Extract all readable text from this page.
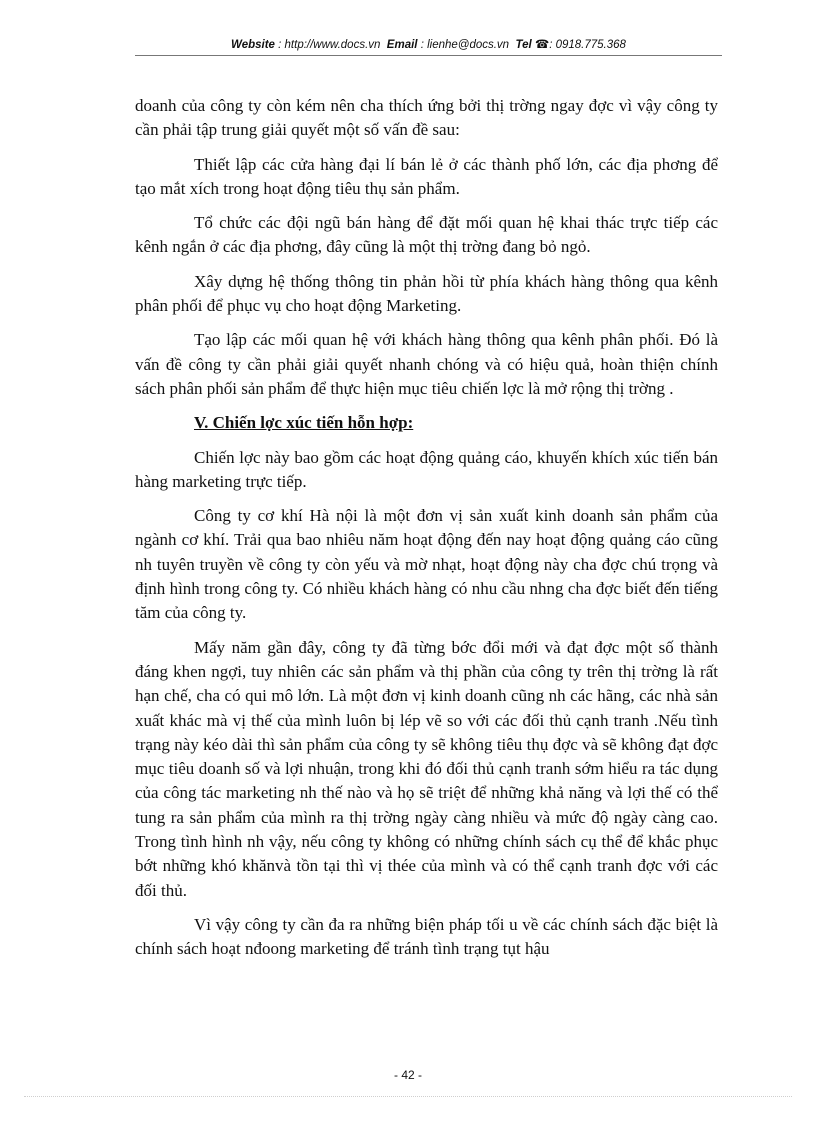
Website : http://www.docs.vn Email : lienhe@docs.vn Tel ☎: 0918.775.368

doanh của công ty còn kém nên cha thích ứng bởi thị trờng ngay đợc vì vậy công ty cần phải tập trung giải quyết một số vấn đề sau:

Thiết lập các cửa hàng đại lí bán lẻ ở các thành phố lớn, các địa phơng để tạo mắt xích trong hoạt động tiêu thụ sản phẩm.

Tổ chức các đội ngũ bán hàng để đặt mối quan hệ khai thác trực tiếp các kênh ngắn ở các địa phơng, đây cũng là một thị trờng đang bỏ ngỏ.

Xây dựng hệ thống thông tin phản hồi từ phía khách hàng thông qua kênh phân phối để phục vụ cho hoạt động Marketing.

Tạo lập các mối quan hệ với khách hàng thông qua kênh phân phối. Đó là vấn đề công ty cần phải giải quyết nhanh chóng và có hiệu quả, hoàn thiện chính sách phân phối sản phẩm để thực hiện mục tiêu chiến lợc là mở rộng thị trờng .

V. Chiến lợc xúc tiến hỗn hợp:

Chiến lợc này bao gồm các hoạt động quảng cáo, khuyến khích xúc tiến bán hàng marketing trực tiếp.

Công ty cơ khí Hà nội là một đơn vị sản xuất kinh doanh sản phẩm của ngành cơ khí. Trải qua bao nhiêu năm hoạt động đến nay hoạt động quảng cáo cũng nh tuyên truyền về công ty còn yếu và mờ nhạt, hoạt động này cha đợc chú trọng và định hình trong công ty. Có nhiều khách hàng có nhu cầu nhng cha đợc biết đến tiếng tăm của công ty.

Mấy năm gần đây, công ty đã từng bớc đổi mới và đạt đợc một số thành đáng khen ngợi, tuy nhiên các sản phẩm và thị phần của công ty trên thị trờng là rất hạn chế, cha có qui mô lớn. Là một đơn vị kinh doanh cũng nh các hãng, các nhà sản xuất khác mà vị thế của mình luôn bị lép vẽ so với các đối thủ cạnh tranh .Nếu tình trạng này kéo dài thì sản phẩm của công ty sẽ không tiêu thụ đợc và sẽ không đạt đợc mục tiêu doanh số và lợi nhuận, trong khi đó đối thủ cạnh tranh sớm hiểu ra tác dụng của công tác marketing nh thế nào và họ sẽ triệt để những khả năng và lợi thế có thể tung ra sản phẩm của mình ra thị trờng ngày càng nhiều và mức độ ngày càng cao. Trong tình hình nh vậy, nếu công ty không có những chính sách cụ thể để khắc phục bớt những khó khănvà tồn tại thì vị thée của mình và có thể cạnh tranh đợc với các đối thủ.

Vì vậy công ty cần đa ra những biện pháp tối u về các chính sách đặc biệt là chính sách hoạt nđoong marketing để tránh tình trạng tụt hậu

- 42 -
